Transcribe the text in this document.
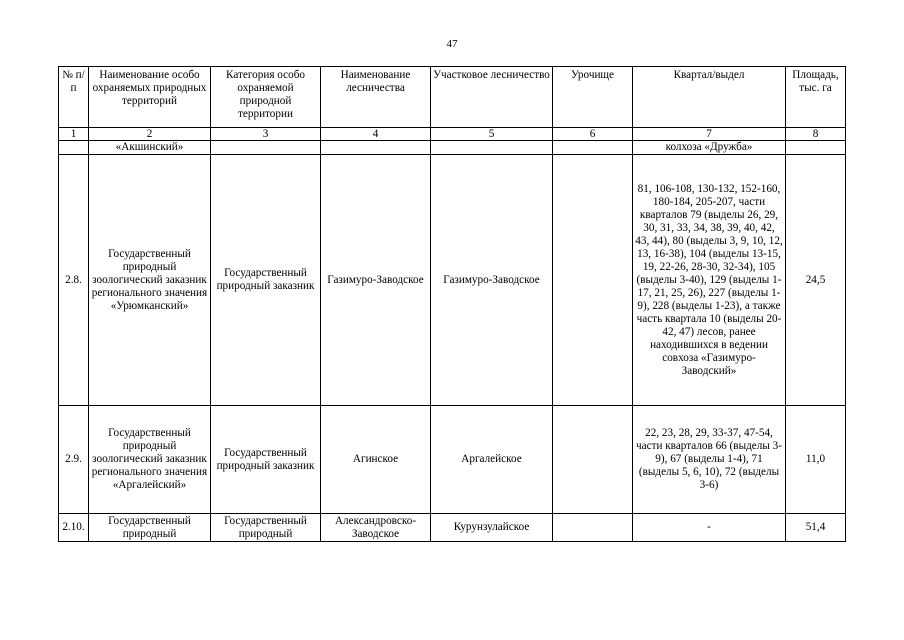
47
№ п/п	Наименование особо охраняемых природных территорий	Категория особо охраняемой природной территории	Наименование лесничества	Участковое лесничество	Урочище	Квартал/выдел	Площадь, тыс. га
1	2	3	4	5	6	7	8
	«Акшинский»					колхоза «Дружба»	
2.8.	Государственный природный зоологический заказник регионального значения «Урюмканский»	Государственный природный заказник	Газимуро-Заводское	Газимуро-Заводское		81, 106-108, 130-132, 152-160, 180-184, 205-207, части кварталов 79 (выделы 26, 29, 30, 31, 33, 34, 38, 39, 40, 42, 43, 44), 80 (выделы 3, 9, 10, 12, 13, 16-38), 104 (выделы 13-15, 19, 22-26, 28-30, 32-34), 105 (выделы 3-40), 129 (выделы 1-17, 21, 25, 26), 227 (выделы 1-9), 228 (выделы 1-23), а также часть квартала 10 (выделы 20-42, 47) лесов, ранее находившихся в ведении совхоза «Газимуро-Заводский»	24,5
2.9.	Государственный природный зоологический заказник регионального значения «Аргалейский»	Государственный природный заказник	Агинское	Аргалейское		22, 23, 28, 29, 33-37, 47-54, части кварталов 66 (выделы 3-9), 67 (выделы 1-4), 71 (выделы 5, 6, 10), 72 (выделы 3-6)	11,0
2.10.	Государственный природный	Государственный природный	Александровско-Заводское	Курунзулайское		-	51,4
